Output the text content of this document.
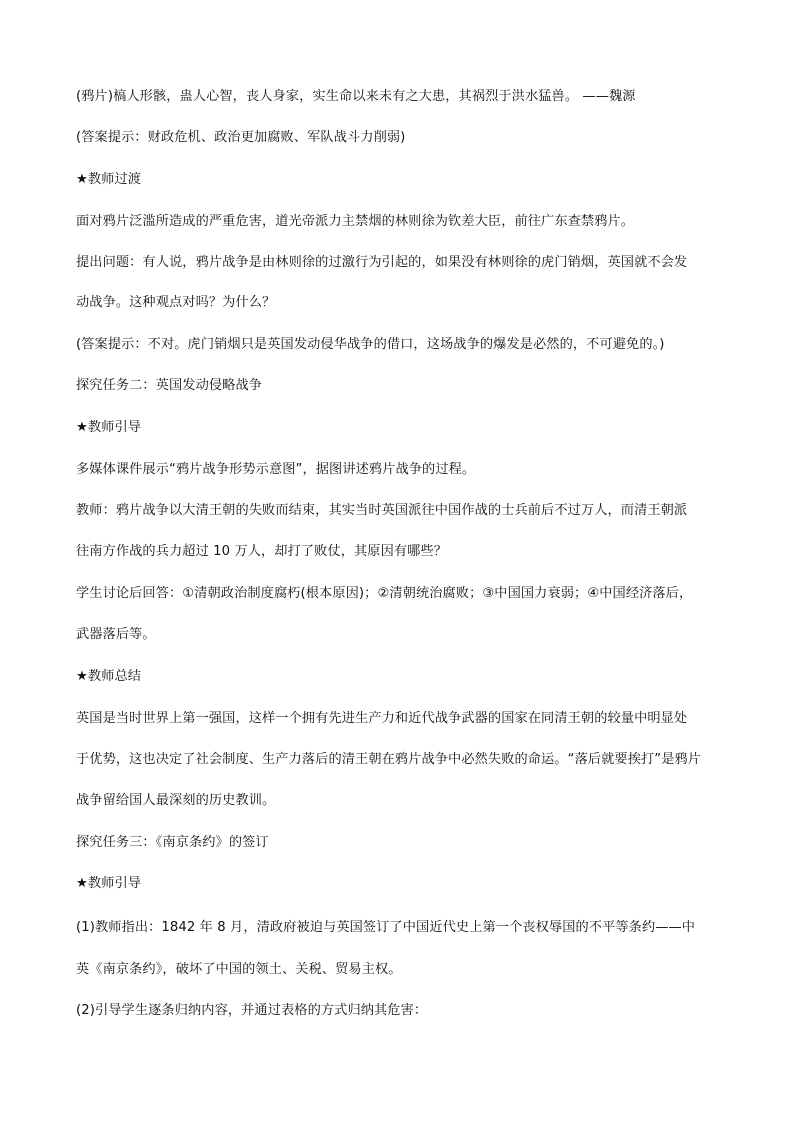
(鸦片)槁人形骸，蛊人心智，丧人身家，实生命以来未有之大患，其祸烈于洪水猛兽。 ——魏源
(答案提示：财政危机、政治更加腐败、军队战斗力削弱)
★教师过渡
面对鸦片泛滥所造成的严重危害，道光帝派力主禁烟的林则徐为钦差大臣，前往广东查禁鸦片。
提出问题：有人说，鸦片战争是由林则徐的过激行为引起的，如果没有林则徐的虎门销烟，英国就不会发
动战争。这种观点对吗？为什么？
(答案提示：不对。虎门销烟只是英国发动侵华战争的借口，这场战争的爆发是必然的，不可避免的。)
探究任务二：英国发动侵略战争
★教师引导
多媒体课件展示“鸦片战争形势示意图”，据图讲述鸦片战争的过程。
教师：鸦片战争以大清王朝的失败而结束，其实当时英国派往中国作战的士兵前后不过万人，而清王朝派
往南方作战的兵力超过 10 万人，却打了败仗，其原因有哪些？
学生讨论后回答：①清朝政治制度腐朽(根本原因)；②清朝统治腐败；③中国国力衰弱；④中国经济落后，
武器落后等。
★教师总结
英国是当时世界上第一强国，这样一个拥有先进生产力和近代战争武器的国家在同清王朝的较量中明显处
于优势，这也决定了社会制度、生产力落后的清王朝在鸦片战争中必然失败的命运。“落后就要挨打”是鸦片
战争留给国人最深刻的历史教训。
探究任务三：《南京条约》的签订
★教师引导
(1)教师指出：1842 年 8 月，清政府被迫与英国签订了中国近代史上第一个丧权辱国的不平等条约——中
英《南京条约》，破坏了中国的领土、关税、贸易主权。
(2)引导学生逐条归纳内容，并通过表格的方式归纳其危害：
